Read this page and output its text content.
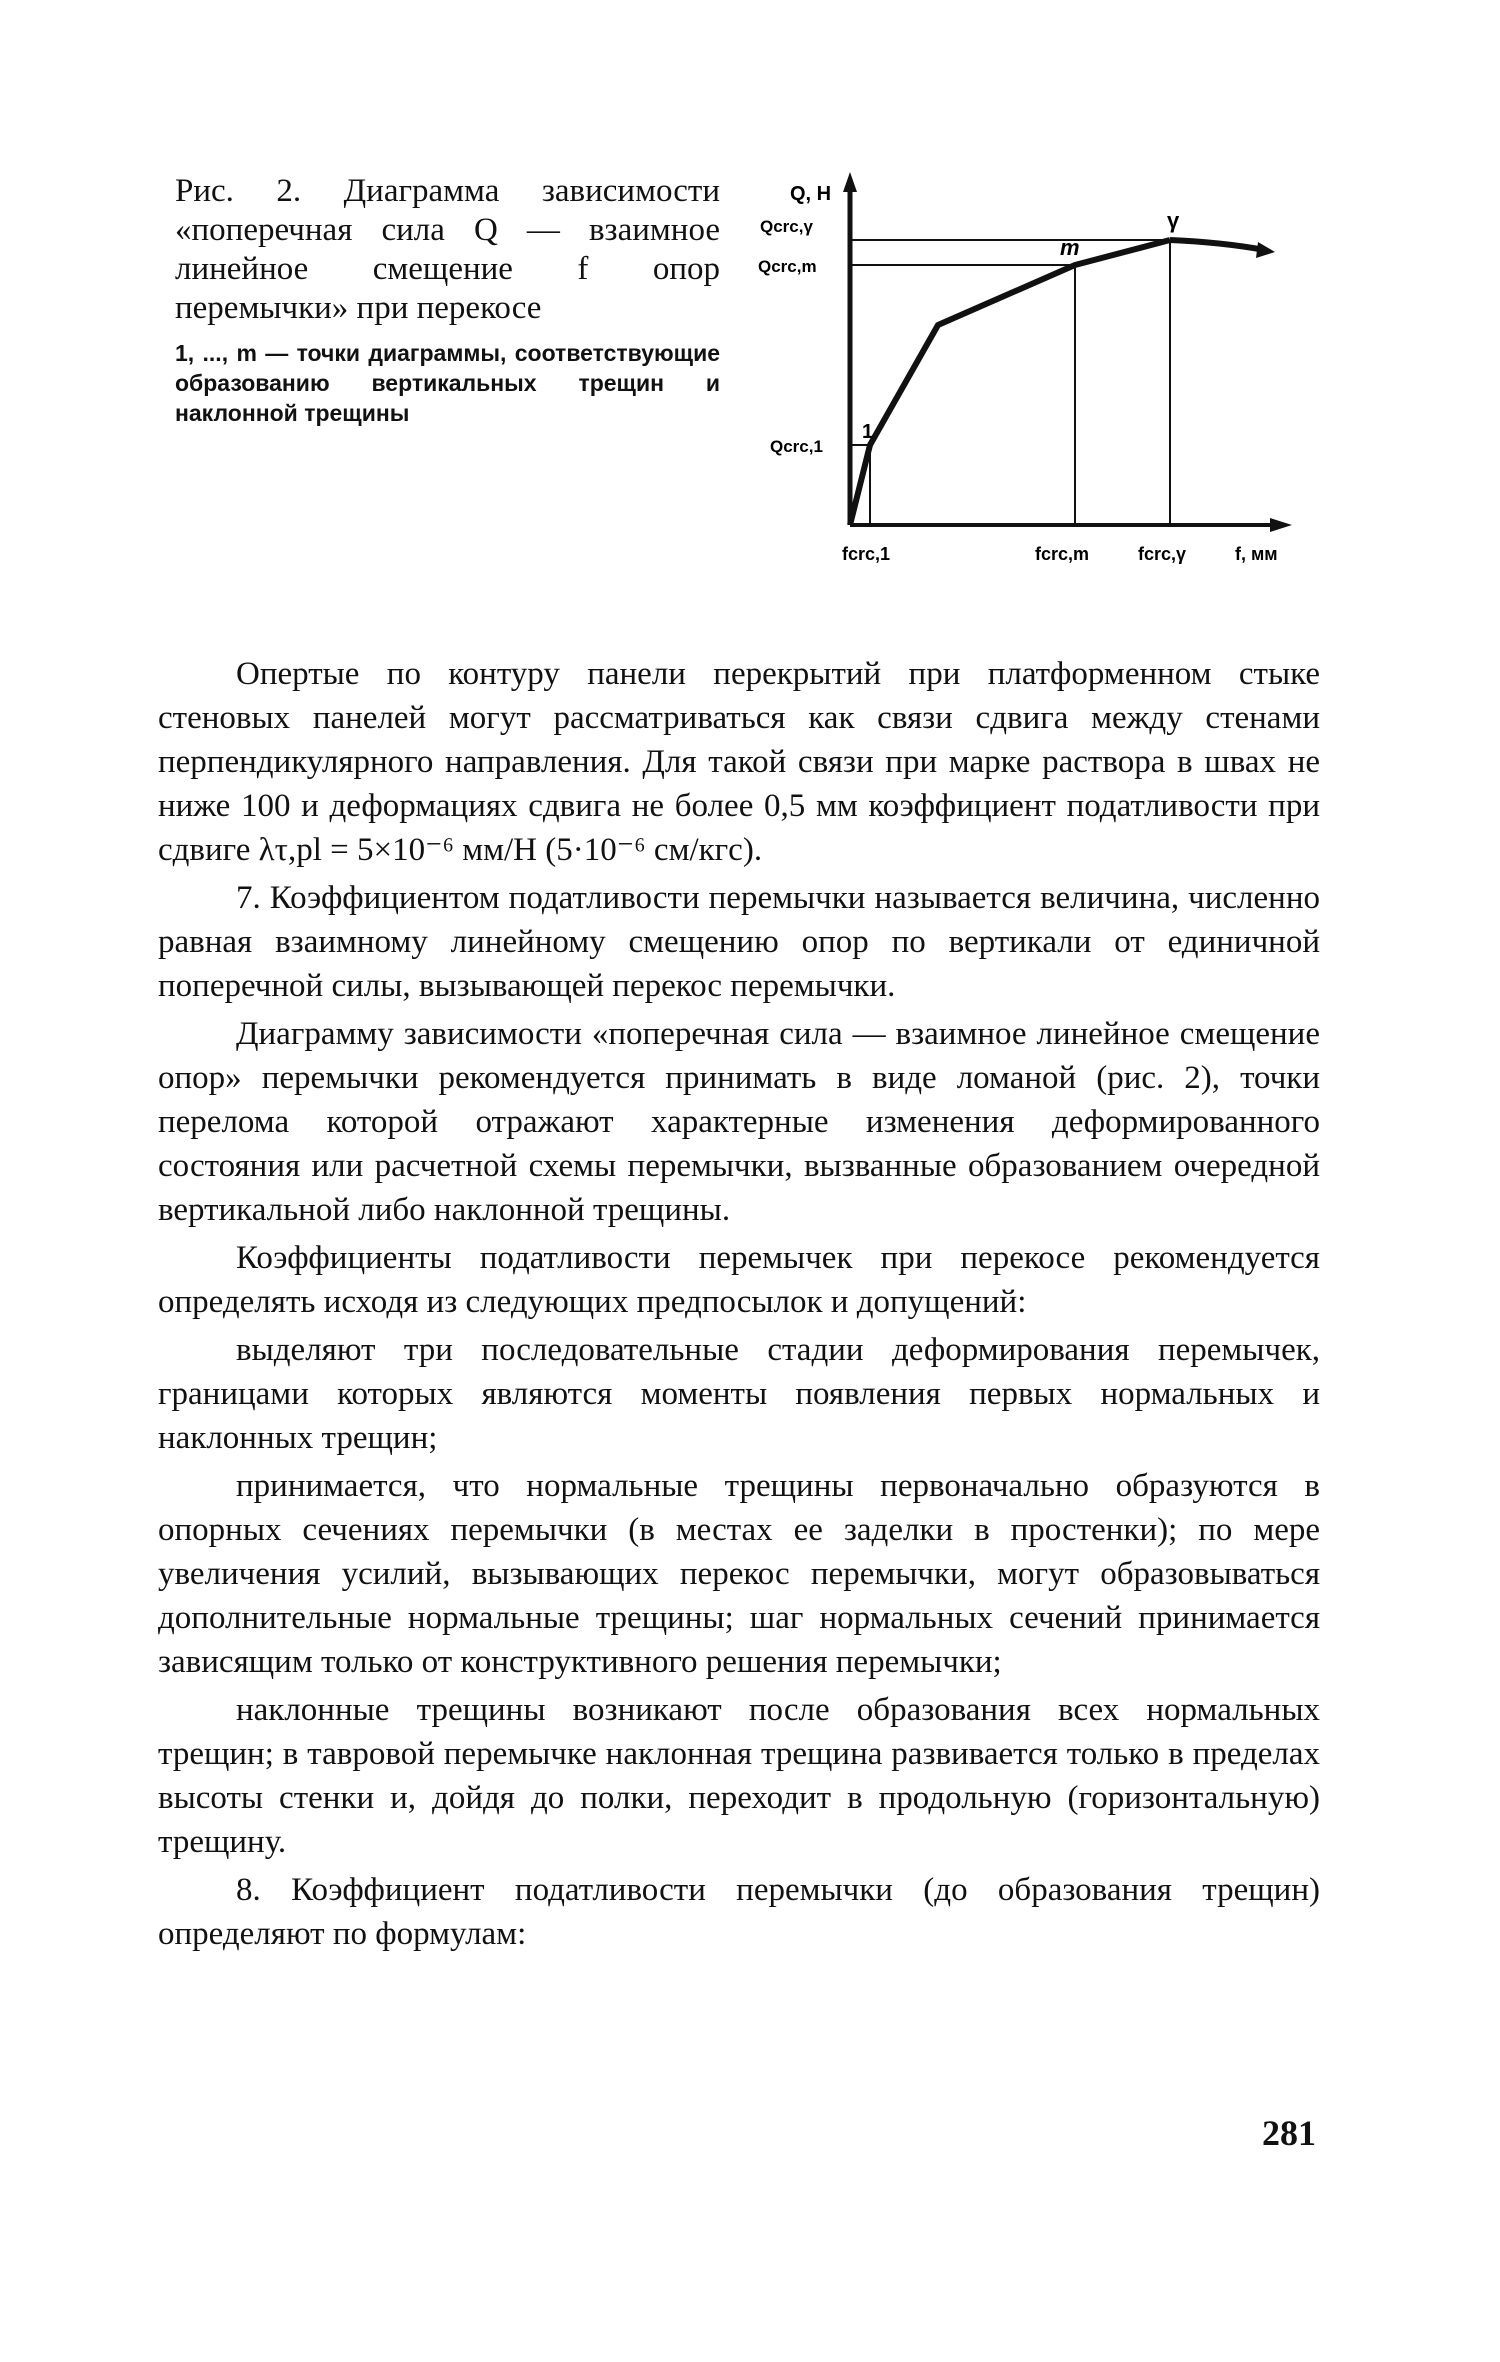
Рис. 2. Диаграмма зависимости «поперечная сила Q — взаимное линейное смещение f опор перемычки» при перекосе
1, ..., m — точки диаграммы, соответствующие образованию вертикальных трещин и наклонной трещины
1
m
γ
Q, Н
Qcrc,γ
Qcrc,m
Qcrc,1
fcrc,1	fcrc,m	fcrc,γ	f, мм

Опертые по контуру панели перекрытий при платформенном стыке стеновых панелей могут рассматриваться как связи сдвига между стенами перпендикулярного направления. Для такой связи при марке раствора в швах не ниже 100 и деформациях сдвига не более 0,5 мм коэффициент податливости при сдвиге λτ,pl = 5×10⁻⁶ мм/Н (5·10⁻⁶ см/кгс).

7. Коэффициентом податливости перемычки называется величина, численно равная взаимному линейному смещению опор по вертикали от единичной поперечной силы, вызывающей перекос перемычки.

Диаграмму зависимости «поперечная сила — взаимное линейное смещение опор» перемычки рекомендуется принимать в виде ломаной (рис. 2), точки перелома которой отражают характерные изменения деформированного состояния или расчетной схемы перемычки, вызванные образованием очередной вертикальной либо наклонной трещины.

Коэффициенты податливости перемычек при перекосе рекомендуется определять исходя из следующих предпосылок и допущений:

выделяют три последовательные стадии деформирования перемычек, границами которых являются моменты появления первых нормальных и наклонных трещин;

принимается, что нормальные трещины первоначально образуются в опорных сечениях перемычки (в местах ее заделки в простенки); по мере увеличения усилий, вызывающих перекос перемычки, могут образовываться дополнительные нормальные трещины; шаг нормальных сечений принимается зависящим только от конструктивного решения перемычки;

наклонные трещины возникают после образования всех нормальных трещин; в тавровой перемычке наклонная трещина развивается только в пределах высоты стенки и, дойдя до полки, переходит в продольную (горизонтальную) трещину.

8. Коэффициент податливости перемычки (до образования трещин) определяют по формулам:

281
